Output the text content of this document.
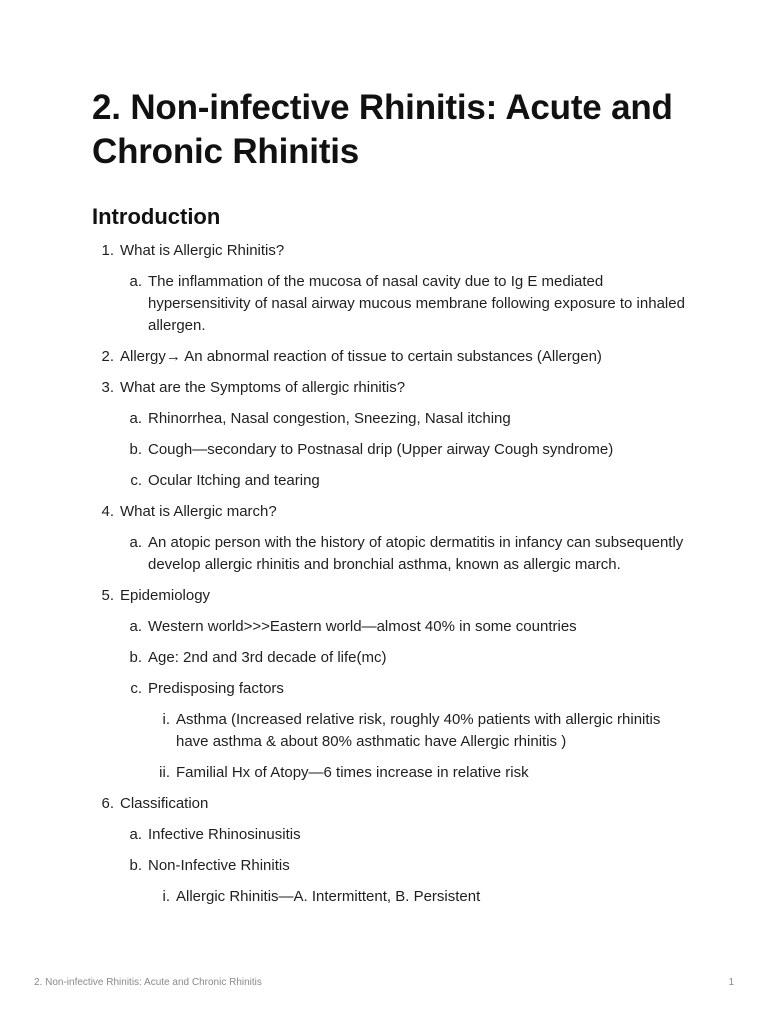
2. Non-infective Rhinitis: Acute and Chronic Rhinitis
Introduction
1. What is Allergic Rhinitis?
a. The inflammation of the mucosa of nasal cavity due to Ig E mediated hypersensitivity of nasal airway mucous membrane following exposure to inhaled allergen.
2. Allergy→ An abnormal reaction of tissue to certain substances (Allergen)
3. What are the Symptoms of allergic rhinitis?
a. Rhinorrhea, Nasal congestion, Sneezing, Nasal itching
b. Cough—secondary to Postnasal drip (Upper airway Cough syndrome)
c. Ocular Itching and tearing
4. What is Allergic march?
a. An atopic person with the history of atopic dermatitis in infancy can subsequently develop allergic rhinitis and bronchial asthma, known as allergic march.
5. Epidemiology
a. Western world>>>Eastern world—almost 40% in some countries
b. Age: 2nd and 3rd decade of life(mc)
c. Predisposing factors
i. Asthma (Increased relative risk, roughly 40% patients with allergic rhinitis have asthma & about 80% asthmatic have Allergic rhinitis )
ii. Familial Hx of Atopy—6 times increase in relative risk
6. Classification
a. Infective Rhinosinusitis
b. Non-Infective Rhinitis
i. Allergic Rhinitis—A. Intermittent, B. Persistent
2. Non-infective Rhinitis: Acute and Chronic Rhinitis	1
